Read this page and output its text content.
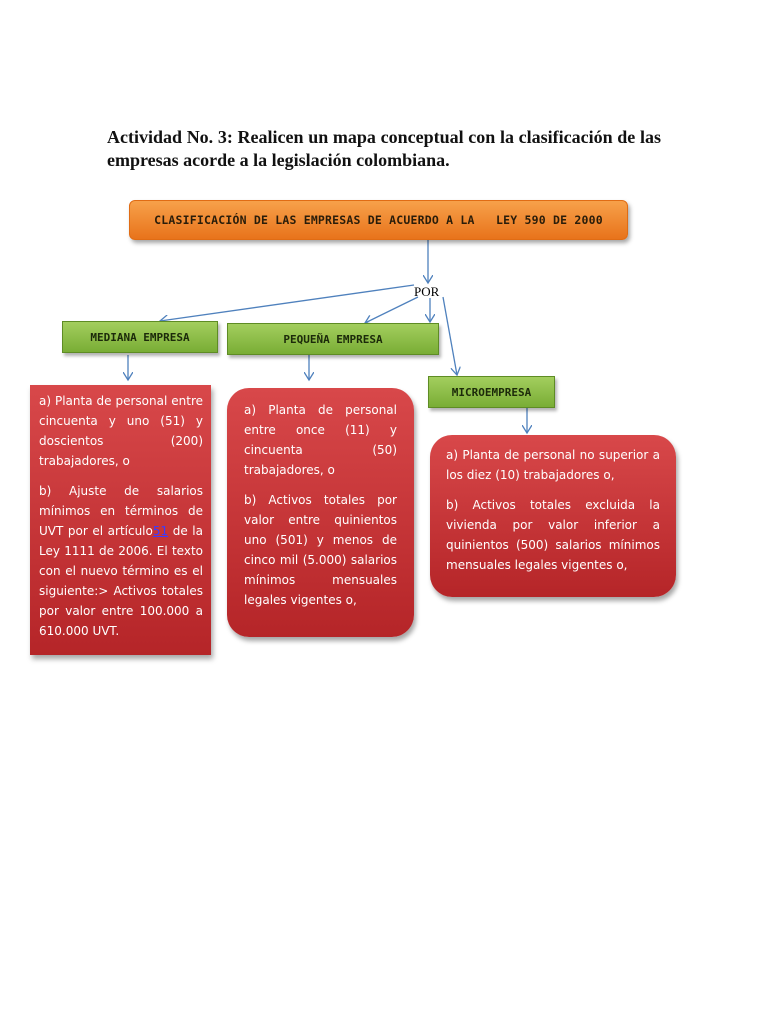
Actividad No. 3: Realicen un mapa conceptual con la clasificación de las empresas acorde a la legislación colombiana.
CLASIFICACIÓN DE LAS EMPRESAS DE ACUERDO A LA   LEY 590 DE 2000
POR
MEDIANA EMPRESA	PEQUEÑA EMPRESA
MICROEMPRESA

a) Planta de personal entre cincuenta y uno (51) y doscientos (200) trabajadores, o

b) Ajuste de salarios mínimos en términos de UVT por el artículo51 de la Ley 1111 de 2006. El texto con el nuevo término es el siguiente:> Activos totales por valor entre 100.000 a 610.000 UVT.

a) Planta de personal entre once (11) y cincuenta (50) trabajadores, o

b) Activos totales por valor entre quinientos uno (501) y menos de cinco mil (5.000) salarios mínimos mensuales legales vigentes o,

a) Planta de personal no superior a los diez (10) trabajadores o,

b) Activos totales excluida la vivienda por valor inferior a quinientos (500) salarios mínimos mensuales legales vigentes o,
